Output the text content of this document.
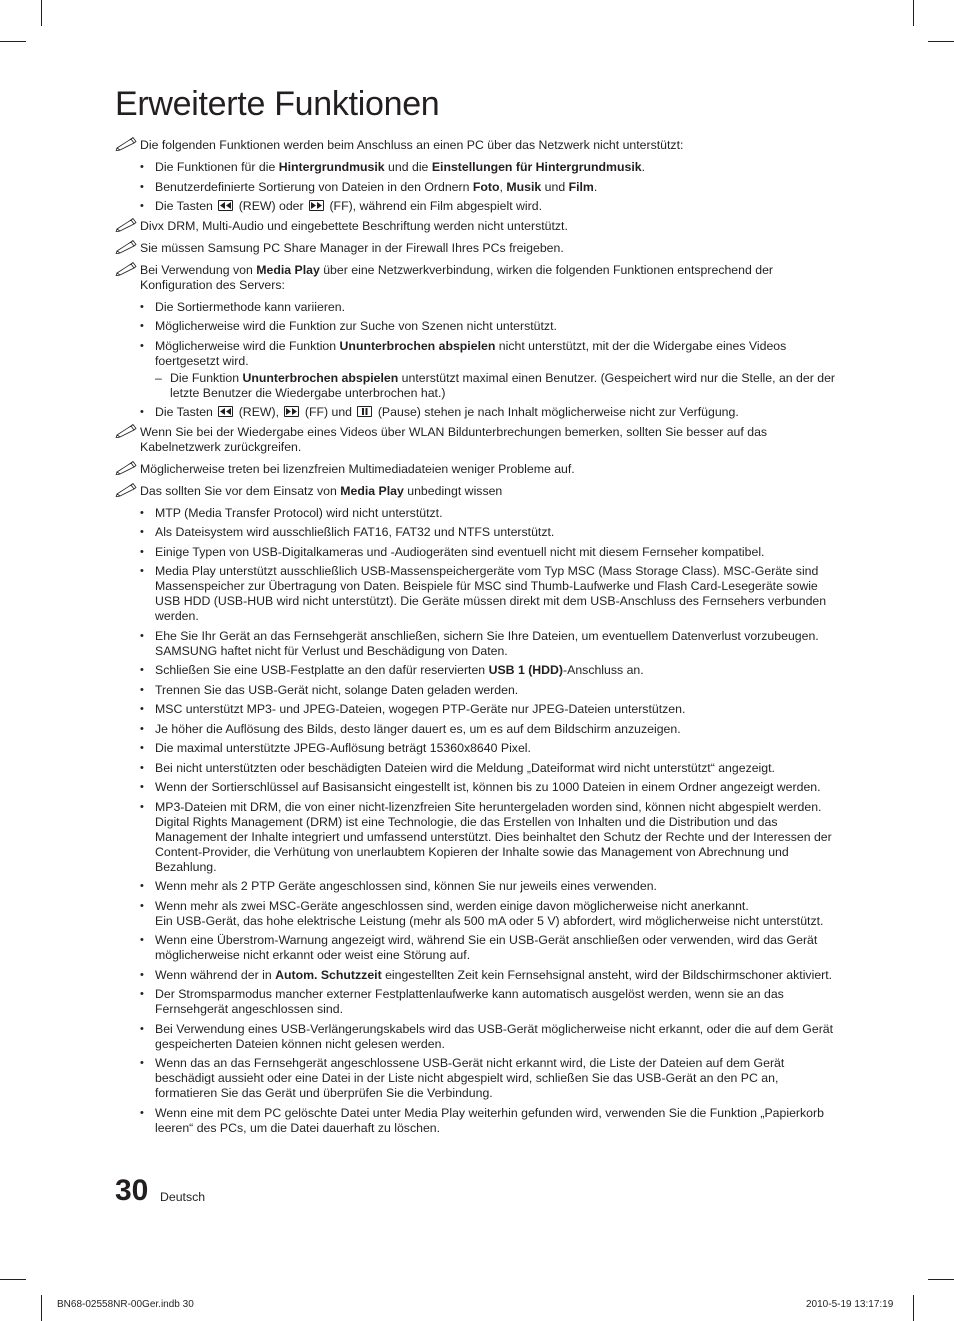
Erweiterte Funktionen
Die folgenden Funktionen werden beim Anschluss an einen PC über das Netzwerk nicht unterstützt:
• Die Funktionen für die Hintergrundmusik und die Einstellungen für Hintergrundmusik.
• Benutzerdefinierte Sortierung von Dateien in den Ordnern Foto, Musik und Film.
• Die Tasten
(REW) oder
(FF), während ein Film abgespielt wird.
Divx DRM, Multi-Audio und eingebettete Beschriftung werden nicht unterstützt.
Sie müssen Samsung PC Share Manager in der Firewall Ihres PCs freigeben.
Bei Verwendung von Media Play über eine Netzwerkverbindung, wirken die folgenden Funktionen entsprechend der Konfiguration des Servers:
• Die Sortiermethode kann variieren.
• Möglicherweise wird die Funktion zur Suche von Szenen nicht unterstützt.
• Möglicherweise wird die Funktion Ununterbrochen abspielen nicht unterstützt, mit der die Widergabe eines Videos foertgesetzt wird.
– Die Funktion Ununterbrochen abspielen unterstützt maximal einen Benutzer. (Gespeichert wird nur die Stelle, an der der letzte Benutzer die Wiedergabe unterbrochen hat.)
• Die Tasten
(REW),
(FF) und
(Pause) stehen je nach Inhalt möglicherweise nicht zur Verfügung.
Wenn Sie bei der Wiedergabe eines Videos über WLAN Bildunterbrechungen bemerken, sollten Sie besser auf das Kabelnetzwerk zurückgreifen.
Möglicherweise treten bei lizenzfreien Multimediadateien weniger Probleme auf.
Das sollten Sie vor dem Einsatz von Media Play unbedingt wissen
• MTP (Media Transfer Protocol) wird nicht unterstützt.
• Als Dateisystem wird ausschließlich FAT16, FAT32 und NTFS unterstützt.
• Einige Typen von USB-Digitalkameras und -Audiogeräten sind eventuell nicht mit diesem Fernseher kompatibel.
• Media Play unterstützt ausschließlich USB-Massenspeichergeräte vom Typ MSC (Mass Storage Class). MSC-Geräte sind Massenspeicher zur Übertragung von Daten. Beispiele für MSC sind Thumb-Laufwerke und Flash Card-Lesegeräte sowie USB HDD (USB-HUB wird nicht unterstützt). Die Geräte müssen direkt mit dem USB-Anschluss des Fernsehers verbunden werden.
• Ehe Sie Ihr Gerät an das Fernsehgerät anschließen, sichern Sie Ihre Dateien, um eventuellem Datenverlust vorzubeugen. SAMSUNG haftet nicht für Verlust und Beschädigung von Daten.
• Schließen Sie eine USB-Festplatte an den dafür reservierten USB 1 (HDD)-Anschluss an.
• Trennen Sie das USB-Gerät nicht, solange Daten geladen werden.
• MSC unterstützt MP3- und JPEG-Dateien, wogegen PTP-Geräte nur JPEG-Dateien unterstützen.
• Je höher die Auflösung des Bilds, desto länger dauert es, um es auf dem Bildschirm anzuzeigen.
• Die maximal unterstützte JPEG-Auflösung beträgt 15360x8640 Pixel.
• Bei nicht unterstützten oder beschädigten Dateien wird die Meldung „Dateiformat wird nicht unterstützt“ angezeigt.
• Wenn der Sortierschlüssel auf Basisansicht eingestellt ist, können bis zu 1000 Dateien in einem Ordner angezeigt werden.
• MP3-Dateien mit DRM, die von einer nicht-lizenzfreien Site heruntergeladen worden sind, können nicht abgespielt werden. Digital Rights Management (DRM) ist eine Technologie, die das Erstellen von Inhalten und die Distribution und das Management der Inhalte integriert und umfassend unterstützt. Dies beinhaltet den Schutz der Rechte und der Interessen der Content-Provider, die Verhütung von unerlaubtem Kopieren der Inhalte sowie das Management von Abrechnung und Bezahlung.
• Wenn mehr als 2 PTP Geräte angeschlossen sind, können Sie nur jeweils eines verwenden.
• Wenn mehr als zwei MSC-Geräte angeschlossen sind, werden einige davon möglicherweise nicht anerkannt.
Ein USB-Gerät, das hohe elektrische Leistung (mehr als 500 mA oder 5 V) abfordert, wird möglicherweise nicht unterstützt.
• Wenn eine Überstrom-Warnung angezeigt wird, während Sie ein USB-Gerät anschließen oder verwenden, wird das Gerät möglicherweise nicht erkannt oder weist eine Störung auf.
• Wenn während der in Autom. Schutzzeit eingestellten Zeit kein Fernsehsignal ansteht, wird der Bildschirmschoner aktiviert.
• Der Stromsparmodus mancher externer Festplattenlaufwerke kann automatisch ausgelöst werden, wenn sie an das Fernsehgerät angeschlossen sind.
• Bei Verwendung eines USB-Verlängerungskabels wird das USB-Gerät möglicherweise nicht erkannt, oder die auf dem Gerät gespeicherten Dateien können nicht gelesen werden.
• Wenn das an das Fernsehgerät angeschlossene USB-Gerät nicht erkannt wird, die Liste der Dateien auf dem Gerät beschädigt aussieht oder eine Datei in der Liste nicht abgespielt wird, schließen Sie das USB-Gerät an den PC an, formatieren Sie das Gerät und überprüfen Sie die Verbindung.
• Wenn eine mit dem PC gelöschte Datei unter Media Play weiterhin gefunden wird, verwenden Sie die Funktion „Papierkorb leeren“ des PCs, um die Datei dauerhaft zu löschen.
30 Deutsch
BN68-02558NR-00Ger.indb 30	2010-5-19 13:17:19
